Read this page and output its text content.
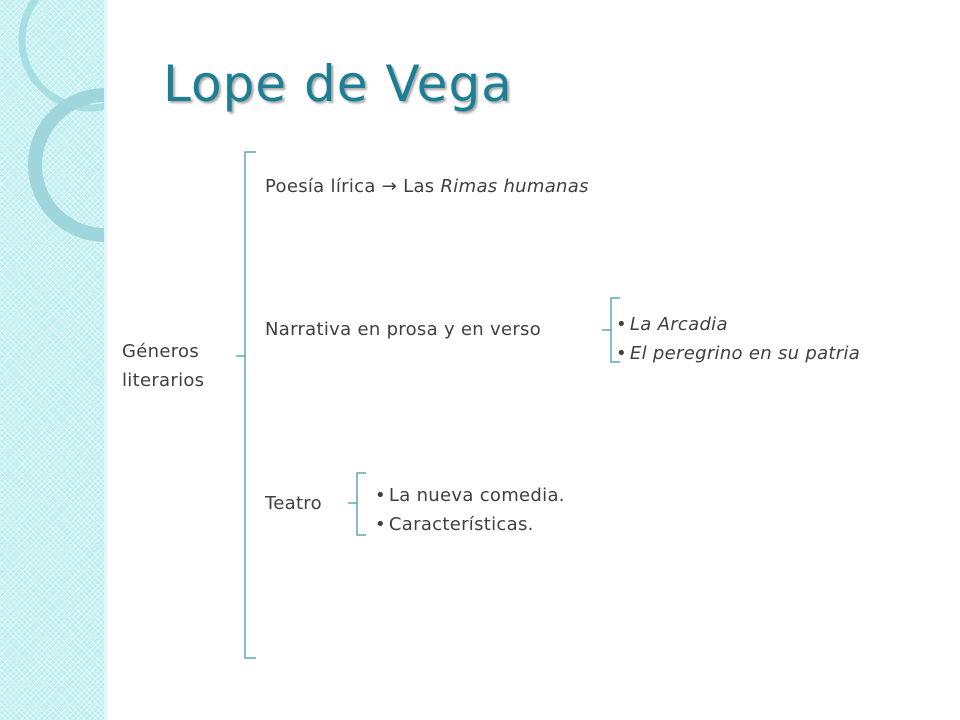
Lope de Vega
Géneros
literarios
Poesía lírica → Las Rimas humanas
Narrativa en prosa y en verso	• La Arcadia
• El peregrino en su patria
Teatro	• La nueva comedia.
• Características.
